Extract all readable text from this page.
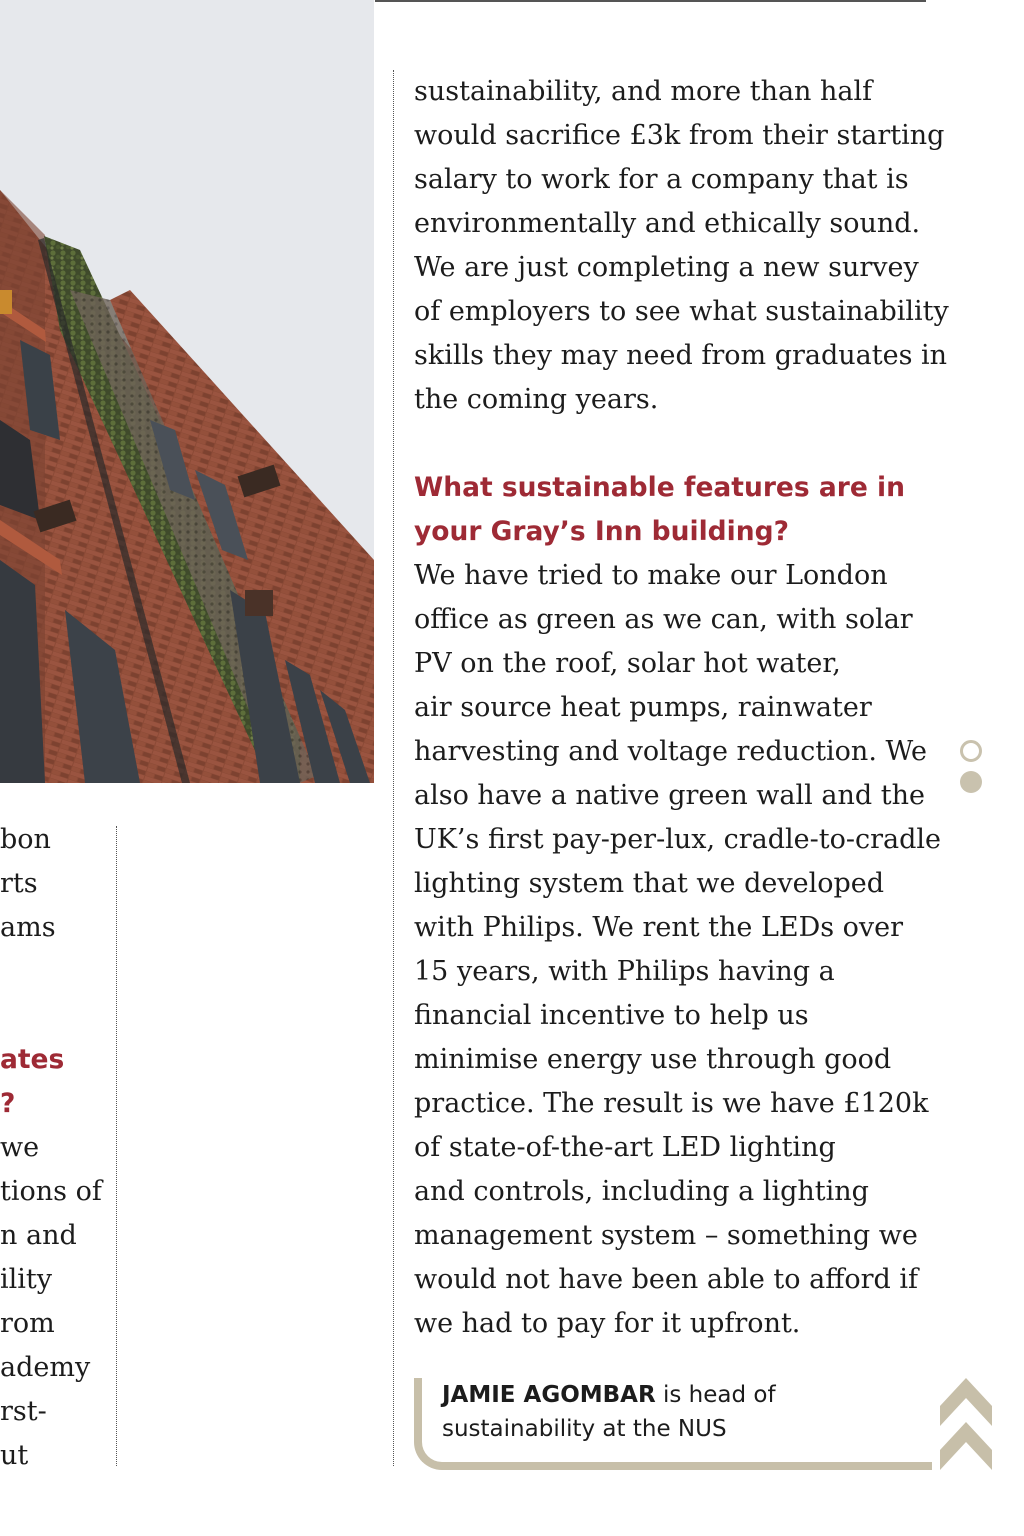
bon
rts
ams
ates
?
we
tions of
n and
ility
rom
ademy
rst-
ut
sustainability, and more than half
would sacrifice £3k from their starting
salary to work for a company that is
environmentally and ethically sound.
We are just completing a new survey
of employers to see what sustainability
skills they may need from graduates in
the coming years.
What sustainable features are in
your Gray’s Inn building?
We have tried to make our London
office as green as we can, with solar
PV on the roof, solar hot water,
air source heat pumps, rainwater
harvesting and voltage reduction. We
also have a native green wall and the
UK’s first pay-per-lux, cradle-to-cradle
lighting system that we developed
with Philips. We rent the LEDs over
15 years, with Philips having a
financial incentive to help us
minimise energy use through good
practice. The result is we have £120k
of state-of-the-art LED lighting
and controls, including a lighting
management system – something we
would not have been able to afford if
we had to pay for it upfront.
JAMIE AGOMBAR is head of
sustainability at the NUS
